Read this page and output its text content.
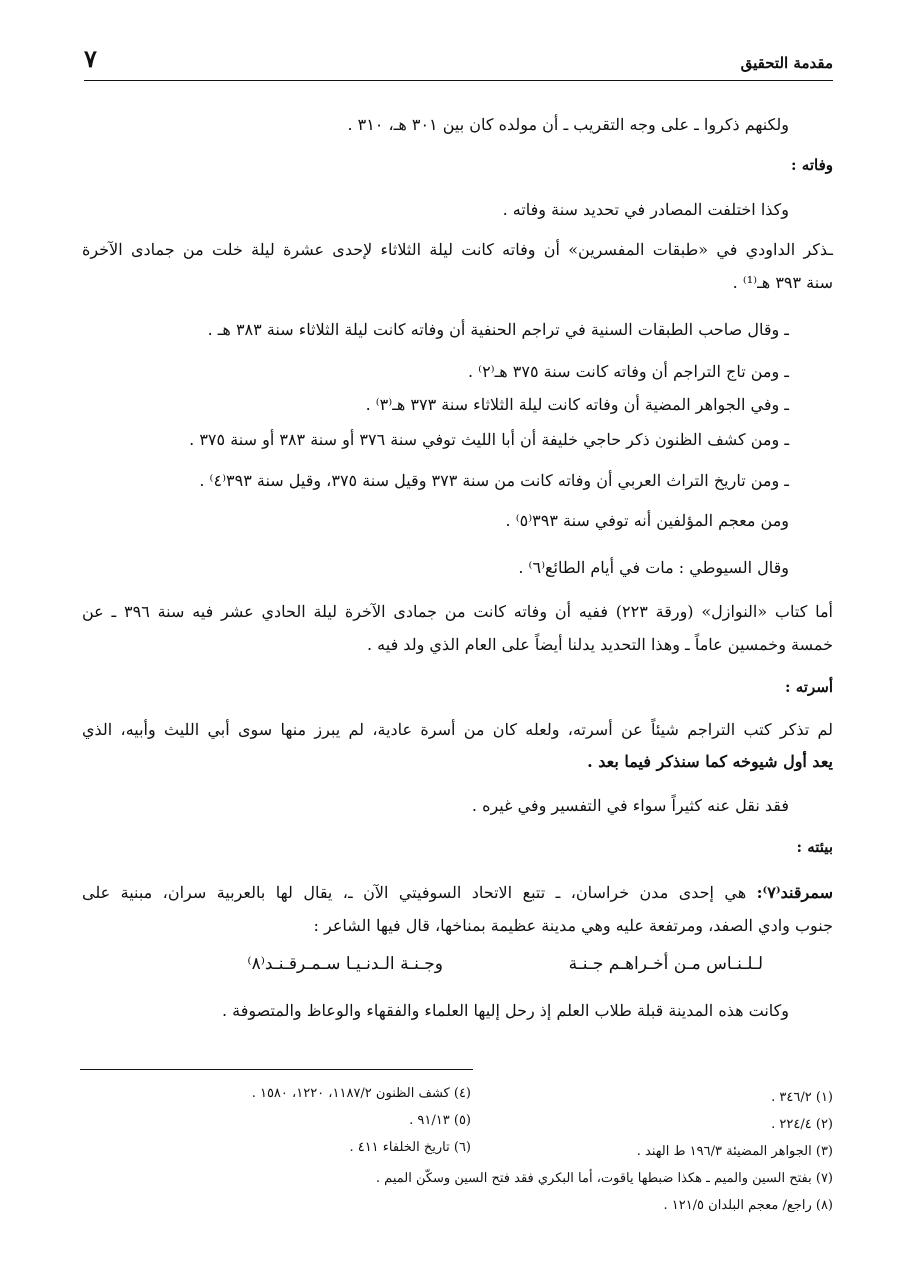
مقدمة التحقيق
٧
ولكنهم ذكروا ـ على وجه التقريب ـ أن مولده كان بين ٣٠١ هـ، ٣١٠ .
وفاته :
وكذا اختلفت المصادر في تحديد سنة وفاته .
ـذكر الداودي في «طبقات المفسرين» أن وفاته كانت ليلة الثلاثاء لإحدى عشرة ليلة خلت من جمادى الآخرة
سنة ٣٩٣ هـ⁽¹⁾ .
ـ وقال صاحب الطبقات السنية في تراجم الحنفية أن وفاته كانت ليلة الثلاثاء سنة ٣٨٣ هـ .
ـ ومن تاج التراجم أن وفاته كانت سنة ٣٧٥ هـ⁽٢⁾ .
ـ وفي الجواهر المضية أن وفاته كانت ليلة الثلاثاء سنة ٣٧٣ هـ⁽٣⁾ .
ـ ومن كشف الظنون ذكر حاجي خليفة أن أبا الليث توفي سنة ٣٧٦ أو سنة ٣٨٣ أو سنة ٣٧٥ .
ـ ومن تاريخ التراث العربي أن وفاته كانت من سنة ٣٧٣ وقيل سنة ٣٧٥، وقيل سنة ٣٩٣⁽٤⁾ .
ومن معجم المؤلفين أنه توفي سنة ٣٩٣⁽٥⁾ .
وقال السيوطي : مات في أيام الطائع⁽٦⁾ .
أما كتاب «النوازل» (ورقة ٢٢٣) ففيه أن وفاته كانت من جمادى الآخرة ليلة الحادي عشر فيه سنة ٣٩٦ ـ عن
خمسة وخمسين عاماً ـ وهذا التحديد يدلنا أيضاً على العام الذي ولد فيه .
أسرته :
لم تذكر كتب التراجم شيئاً عن أسرته، ولعله كان من أسرة عادية، لم يبرز منها سوى أبي الليث وأبيه، الذي
يعد أول شيوخه كما سنذكر فيما بعد .
فقد نقل عنه كثيراً سواء في التفسير وفي غيره .
بيئته :
سمرقند⁽٧⁾: هي إحدى مدن خراسان، ـ تتبع الاتحاد السوفيتي الآن ـ، يقال لها بالعربية سران، مبنية على
جنوب وادي الصفد، ومرتفعة عليه وهي مدينة عظيمة بمناخها، قال فيها الشاعر :
لـلـنـاس مـن أخـراهـم جـنـة
وجـنـة الـدنـيـا سـمـرقـنـد⁽٨⁾
وكانت هذه المدينة قبلة طلاب العلم إذ رحل إليها العلماء والفقهاء والوعاظ والمتصوفة .
(١) ٣٤٦/٢ .
(٤) كشف الظنون ١١٨٧/٢، ١٢٢٠، ١٥٨٠ .
(٢) ٢٢٤/٤ .
(٥) ٩١/١٣ .
(٣) الجواهر المضيئة ١٩٦/٣ ط الهند .
(٦) تاريخ الخلفاء ٤١١ .
(٧) بفتح السين والميم ـ هكذا ضبطها ياقوت، أما البكري فقد فتح السين وسكّن الميم .
(٨) راجع/ معجم البلدان ١٢١/٥ .
